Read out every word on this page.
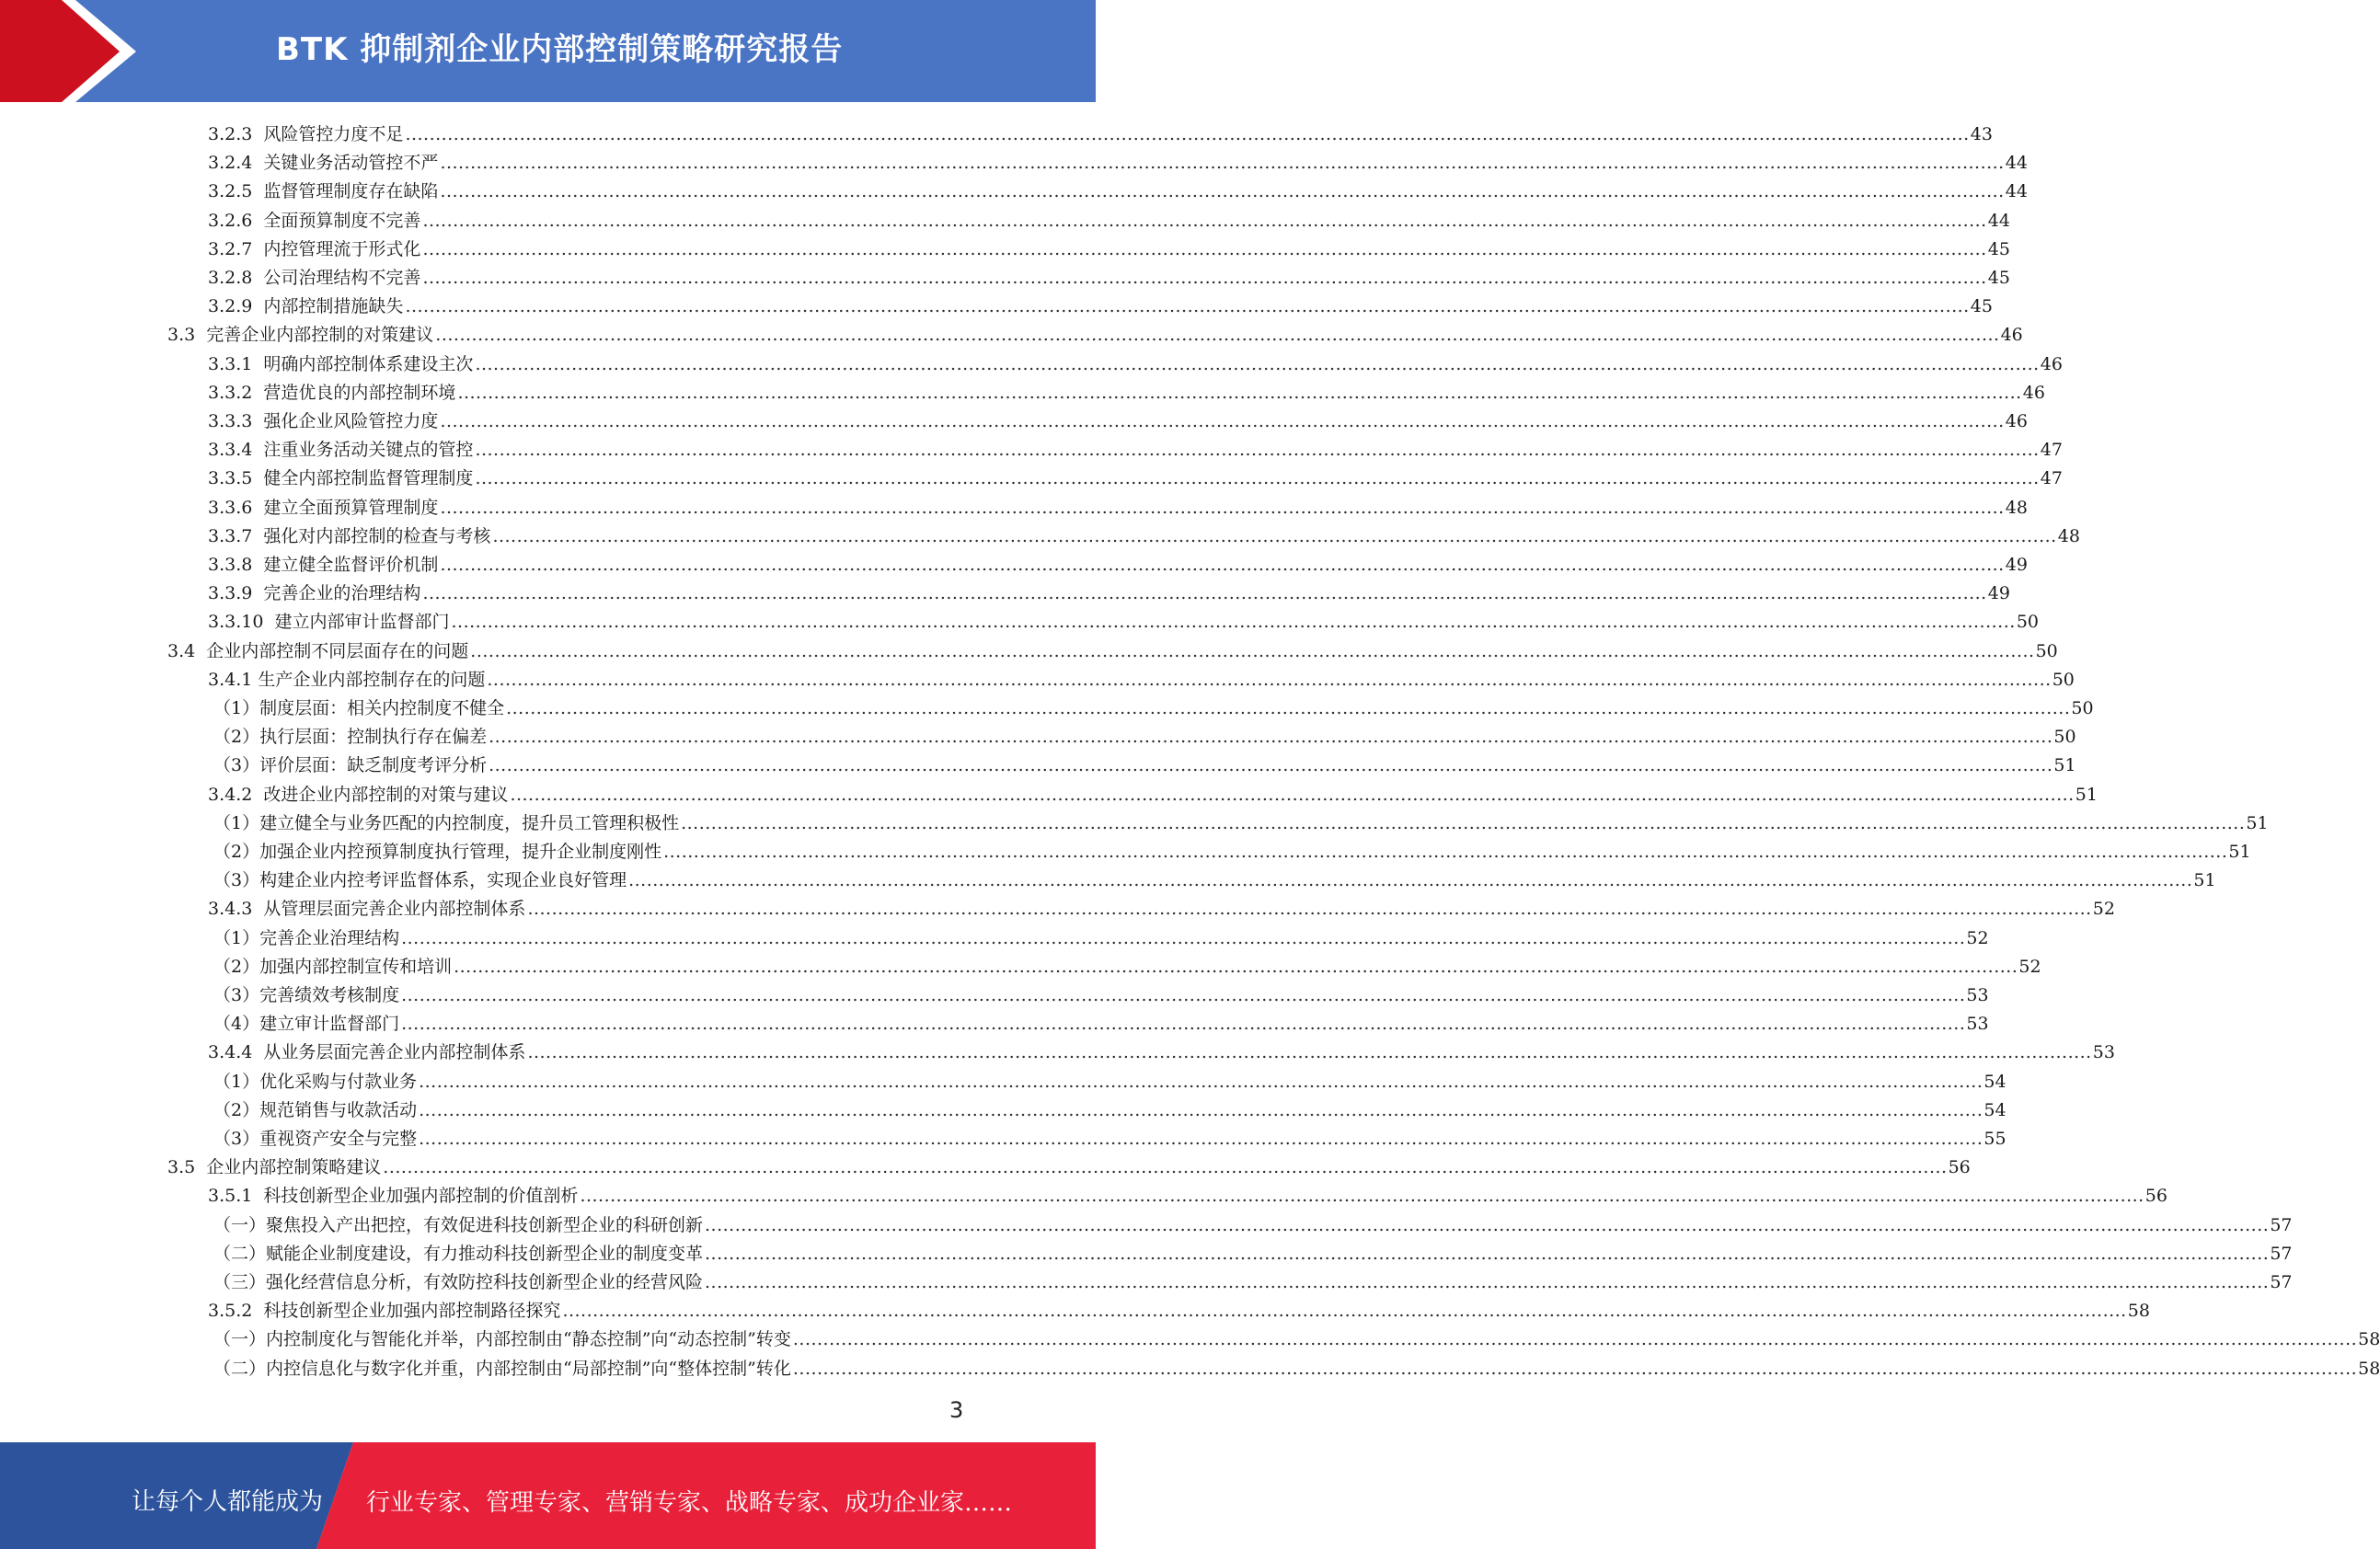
BTK 抑制剂企业内部控制策略研究报告
3.2.3  风险管控力度不足 .................................................................................................................................................................................................................................................................... 43
3.2.4  关键业务活动管控不严 .................................................................................................................................................................................................................................................................... 44
3.2.5  监督管理制度存在缺陷 .................................................................................................................................................................................................................................................................... 44
3.2.6  全面预算制度不完善 .................................................................................................................................................................................................................................................................... 44
3.2.7  内控管理流于形式化 .................................................................................................................................................................................................................................................................... 45
3.2.8  公司治理结构不完善 .................................................................................................................................................................................................................................................................... 45
3.2.9  内部控制措施缺失 .................................................................................................................................................................................................................................................................... 45
3.3  完善企业内部控制的对策建议 .................................................................................................................................................................................................................................................................... 46
3.3.1  明确内部控制体系建设主次 .................................................................................................................................................................................................................................................................... 46
3.3.2  营造优良的内部控制环境 .................................................................................................................................................................................................................................................................... 46
3.3.3  强化企业风险管控力度 .................................................................................................................................................................................................................................................................... 46
3.3.4  注重业务活动关键点的管控 .................................................................................................................................................................................................................................................................... 47
3.3.5  健全内部控制监督管理制度 .................................................................................................................................................................................................................................................................... 47
3.3.6  建立全面预算管理制度 .................................................................................................................................................................................................................................................................... 48
3.3.7  强化对内部控制的检查与考核 .................................................................................................................................................................................................................................................................... 48
3.3.8  建立健全监督评价机制 .................................................................................................................................................................................................................................................................... 49
3.3.9  完善企业的治理结构 .................................................................................................................................................................................................................................................................... 49
3.3.10  建立内部审计监督部门 .................................................................................................................................................................................................................................................................... 50
3.4  企业内部控制不同层面存在的问题 .................................................................................................................................................................................................................................................................... 50
3.4.1 生产企业内部控制存在的问题 .................................................................................................................................................................................................................................................................... 50
（1）制度层面：相关内控制度不健全 .................................................................................................................................................................................................................................................................... 50
（2）执行层面：控制执行存在偏差 .................................................................................................................................................................................................................................................................... 50
（3）评价层面：缺乏制度考评分析 .................................................................................................................................................................................................................................................................... 51
3.4.2  改进企业内部控制的对策与建议 .................................................................................................................................................................................................................................................................... 51
（1）建立健全与业务匹配的内控制度，提升员工管理积极性 .................................................................................................................................................................................................................................................................... 51
（2）加强企业内控预算制度执行管理，提升企业制度刚性 .................................................................................................................................................................................................................................................................... 51
（3）构建企业内控考评监督体系，实现企业良好管理 .................................................................................................................................................................................................................................................................... 51
3.4.3  从管理层面完善企业内部控制体系 .................................................................................................................................................................................................................................................................... 52
（1）完善企业治理结构 .................................................................................................................................................................................................................................................................... 52
（2）加强内部控制宣传和培训 .................................................................................................................................................................................................................................................................... 52
（3）完善绩效考核制度 .................................................................................................................................................................................................................................................................... 53
（4）建立审计监督部门 .................................................................................................................................................................................................................................................................... 53
3.4.4  从业务层面完善企业内部控制体系 .................................................................................................................................................................................................................................................................... 53
（1）优化采购与付款业务 .................................................................................................................................................................................................................................................................... 54
（2）规范销售与收款活动 .................................................................................................................................................................................................................................................................... 54
（3）重视资产安全与完整 .................................................................................................................................................................................................................................................................... 55
3.5  企业内部控制策略建议 .................................................................................................................................................................................................................................................................... 56
3.5.1  科技创新型企业加强内部控制的价值剖析 .................................................................................................................................................................................................................................................................... 56
（一）聚焦投入产出把控，有效促进科技创新型企业的科研创新 .................................................................................................................................................................................................................................................................... 57
（二）赋能企业制度建设，有力推动科技创新型企业的制度变革 .................................................................................................................................................................................................................................................................... 57
（三）强化经营信息分析，有效防控科技创新型企业的经营风险 .................................................................................................................................................................................................................................................................... 57
3.5.2  科技创新型企业加强内部控制路径探究 .................................................................................................................................................................................................................................................................... 58
（一）内控制度化与智能化并举，内部控制由“静态控制”向“动态控制”转变 .................................................................................................................................................................................................................................................................... 58
（二）内控信息化与数字化并重，内部控制由“局部控制”向“整体控制”转化 .................................................................................................................................................................................................................................................................... 58
3
让每个人都能成为 行业专家、管理专家、营销专家、战略专家、成功企业家……
